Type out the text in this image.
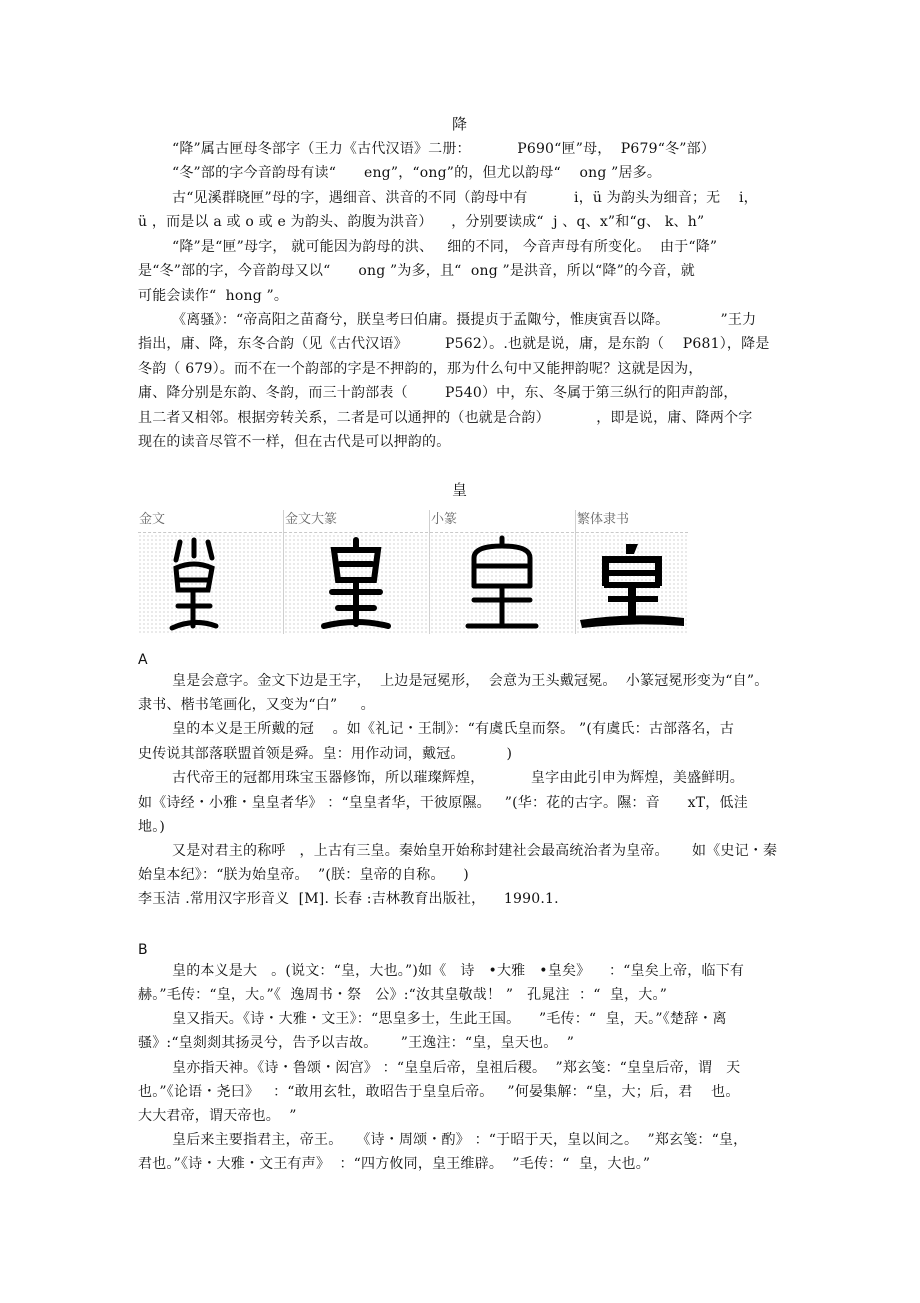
降
“降”属古匣母冬部字（王力《古代汉语》二册：          P690“匣”母，  P679“冬”部）
“冬”部的字今音韵母有读“      eng”，“ong”的，但尤以韵母“    ong ”居多。
古“见溪群晓匣”母的字，遇细音、洪音的不同（韵母中有          i，ü 为韵头为细音；无    i，
ü ，而是以 a 或 o 或 e 为韵头、韵腹为洪音）    ，分别要读成“  j 、q、x”和“g、 k、h”
“降”是“匣”母字， 就可能因为韵母的洪、   细的不同， 今音声母有所变化。  由于“降”
是“冬”部的字，今音韵母又以“      ong ”为多，且“  ong ”是洪音，所以“降”的今音，就
可能会读作“  hong ”。
《离骚》：“帝高阳之苗裔兮，朕皇考曰伯庸。摄提贞于孟陬兮，惟庚寅吾以降。           ”王力
指出，庸、降，东冬合韵（见《古代汉语》        P562）。.也就是说，庸，是东韵（    P681），降是
冬韵（ 679）。而不在一个韵部的字是不押韵的，那为什么句中又能押韵呢？这就是因为，
庸、降分别是东韵、冬韵，而三十韵部表（        P540）中，东、冬属于第三纵行的阳声韵部，
且二者又相邻。根据旁转关系，二者是可以通押的（也就是合韵）          ，即是说，庸、降两个字
现在的读音尽管不一样，但在古代是可以押韵的。
皇
金文	金文大篆	小篆	繁体隶书
A
皇是会意字。金文下边是王字，  上边是冠冕形，  会意为王头戴冠冕。  小篆冠冕形变为“自”。
隶书、楷书笔画化，又变为“白”     。
皇的本义是王所戴的冠    。如《礼记・王制》：“有虞氏皇而祭。 ”(有虞氏：古部落名，古
史传说其部落联盟首领是舜。皇：用作动词，戴冠。         )
古代帝王的冠都用珠宝玉器修饰，所以璀璨辉煌，          皇字由此引申为辉煌，美盛鲜明。
如《诗经・小雅・皇皇者华》 ：“皇皇者华，干彼原隰。   ”(华：花的古字。隰：音      xT，低洼
地。)
又是对君主的称呼   ，上古有三皇。秦始皇开始称封建社会最高统治者为皇帝。     如《史记・秦
始皇本纪》：“朕为始皇帝。  ”(朕：皇帝的自称。    )
李玉洁 .常用汉字形音义  [M]. 长春 :吉林教育出版社，    1990.1.
B
皇的本义是大   。(说文：“皇，大也。”)如《   诗   •大雅   •皇矣》    ：“皇矣上帝，临下有
赫。”毛传：“皇，大。”《  逸周书・祭   公》:“汝其皇敬哉！ ”   孔晁注  ：“  皇，大。”
皇又指天。《诗・大雅・文王》：“思皇多士，生此王国。    ”毛传：“  皇，天。”《楚辞・离
骚》:“皇剡剡其扬灵兮，告予以吉故。     ”王逸注：“皇，皇天也。  ”
皇亦指天神。《诗・鲁颂・闳宫》 ：“皇皇后帝，皇祖后稷。  ”郑玄笺：“皇皇后帝，谓   天
也。”《论语・尧曰》   ：“敢用玄牡，敢昭告于皇皇后帝。   ”何晏集解：“皇，大；后，君    也。
大大君帝，谓天帝也。  ”
皇后来主要指君主，帝王。   《诗・周颂・酌》 ：“于昭于天，皇以间之。  ”郑玄笺：“皇，
君也。”《诗・大雅・文王有声》  ：“四方攸同，皇王维辟。  ”毛传：“  皇，大也。”
